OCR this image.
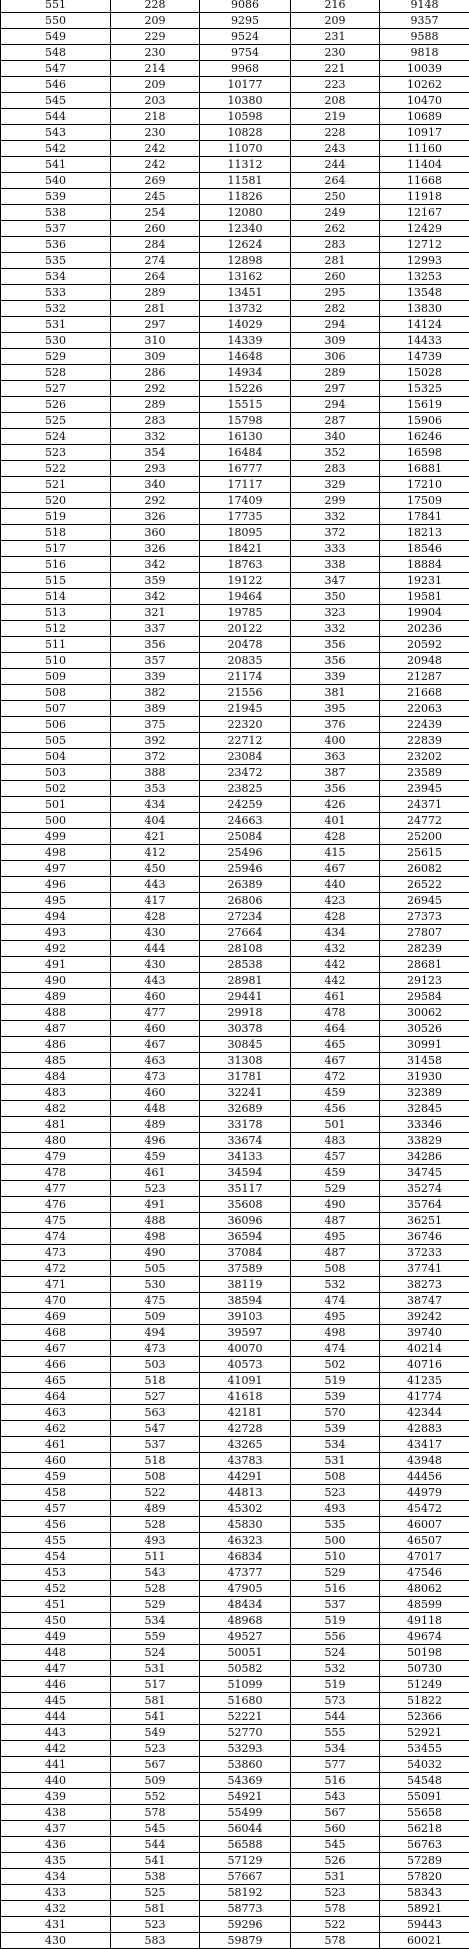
551	228	9086	216	9148
550	209	9295	209	9357
549	229	9524	231	9588
548	230	9754	230	9818
547	214	9968	221	10039
546	209	10177	223	10262
545	203	10380	208	10470
544	218	10598	219	10689
543	230	10828	228	10917
542	242	11070	243	11160
541	242	11312	244	11404
540	269	11581	264	11668
539	245	11826	250	11918
538	254	12080	249	12167
537	260	12340	262	12429
536	284	12624	283	12712
535	274	12898	281	12993
534	264	13162	260	13253
533	289	13451	295	13548
532	281	13732	282	13830
531	297	14029	294	14124
530	310	14339	309	14433
529	309	14648	306	14739
528	286	14934	289	15028
527	292	15226	297	15325
526	289	15515	294	15619
525	283	15798	287	15906
524	332	16130	340	16246
523	354	16484	352	16598
522	293	16777	283	16881
521	340	17117	329	17210
520	292	17409	299	17509
519	326	17735	332	17841
518	360	18095	372	18213
517	326	18421	333	18546
516	342	18763	338	18884
515	359	19122	347	19231
514	342	19464	350	19581
513	321	19785	323	19904
512	337	20122	332	20236
511	356	20478	356	20592
510	357	20835	356	20948
509	339	21174	339	21287
508	382	21556	381	21668
507	389	21945	395	22063
506	375	22320	376	22439
505	392	22712	400	22839
504	372	23084	363	23202
503	388	23472	387	23589
502	353	23825	356	23945
501	434	24259	426	24371
500	404	24663	401	24772
499	421	25084	428	25200
498	412	25496	415	25615
497	450	25946	467	26082
496	443	26389	440	26522
495	417	26806	423	26945
494	428	27234	428	27373
493	430	27664	434	27807
492	444	28108	432	28239
491	430	28538	442	28681
490	443	28981	442	29123
489	460	29441	461	29584
488	477	29918	478	30062
487	460	30378	464	30526
486	467	30845	465	30991
485	463	31308	467	31458
484	473	31781	472	31930
483	460	32241	459	32389
482	448	32689	456	32845
481	489	33178	501	33346
480	496	33674	483	33829
479	459	34133	457	34286
478	461	34594	459	34745
477	523	35117	529	35274
476	491	35608	490	35764
475	488	36096	487	36251
474	498	36594	495	36746
473	490	37084	487	37233
472	505	37589	508	37741
471	530	38119	532	38273
470	475	38594	474	38747
469	509	39103	495	39242
468	494	39597	498	39740
467	473	40070	474	40214
466	503	40573	502	40716
465	518	41091	519	41235
464	527	41618	539	41774
463	563	42181	570	42344
462	547	42728	539	42883
461	537	43265	534	43417
460	518	43783	531	43948
459	508	44291	508	44456
458	522	44813	523	44979
457	489	45302	493	45472
456	528	45830	535	46007
455	493	46323	500	46507
454	511	46834	510	47017
453	543	47377	529	47546
452	528	47905	516	48062
451	529	48434	537	48599
450	534	48968	519	49118
449	559	49527	556	49674
448	524	50051	524	50198
447	531	50582	532	50730
446	517	51099	519	51249
445	581	51680	573	51822
444	541	52221	544	52366
443	549	52770	555	52921
442	523	53293	534	53455
441	567	53860	577	54032
440	509	54369	516	54548
439	552	54921	543	55091
438	578	55499	567	55658
437	545	56044	560	56218
436	544	56588	545	56763
435	541	57129	526	57289
434	538	57667	531	57820
433	525	58192	523	58343
432	581	58773	578	58921
431	523	59296	522	59443
430	583	59879	578	60021
